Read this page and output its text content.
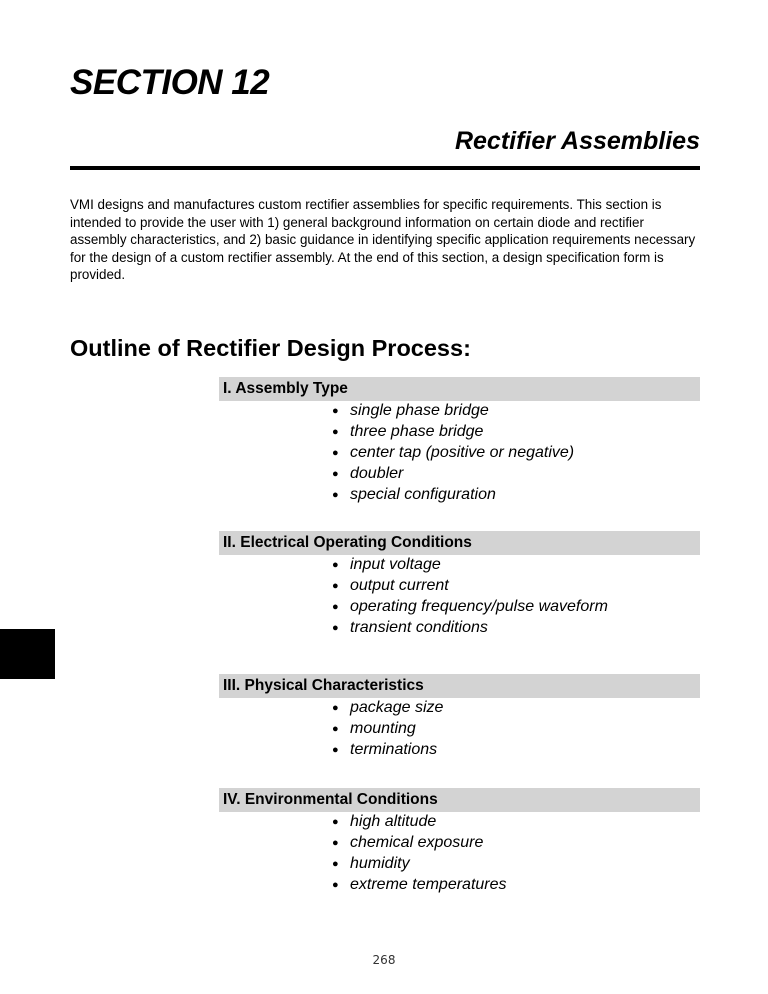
SECTION 12
Rectifier Assemblies

VMI designs and manufactures custom rectifier assemblies for specific requirements. This section is intended to provide the user with 1) general background information on certain diode and rectifier assembly characteristics, and 2) basic guidance in identifying specific application requirements necessary for the design of a custom rectifier assembly. At the end of this section, a design specification form is provided.

Outline of Rectifier Design Process:
I. Assembly Type
● single phase bridge
● three phase bridge
● center tap (positive or negative)
● doubler
● special configuration
II. Electrical Operating Conditions
● input voltage
● output current
● operating frequency/pulse waveform
● transient conditions
III. Physical Characteristics
● package size
● mounting
● terminations
IV. Environmental Conditions
● high altitude
● chemical exposure
● humidity
● extreme temperatures
268
